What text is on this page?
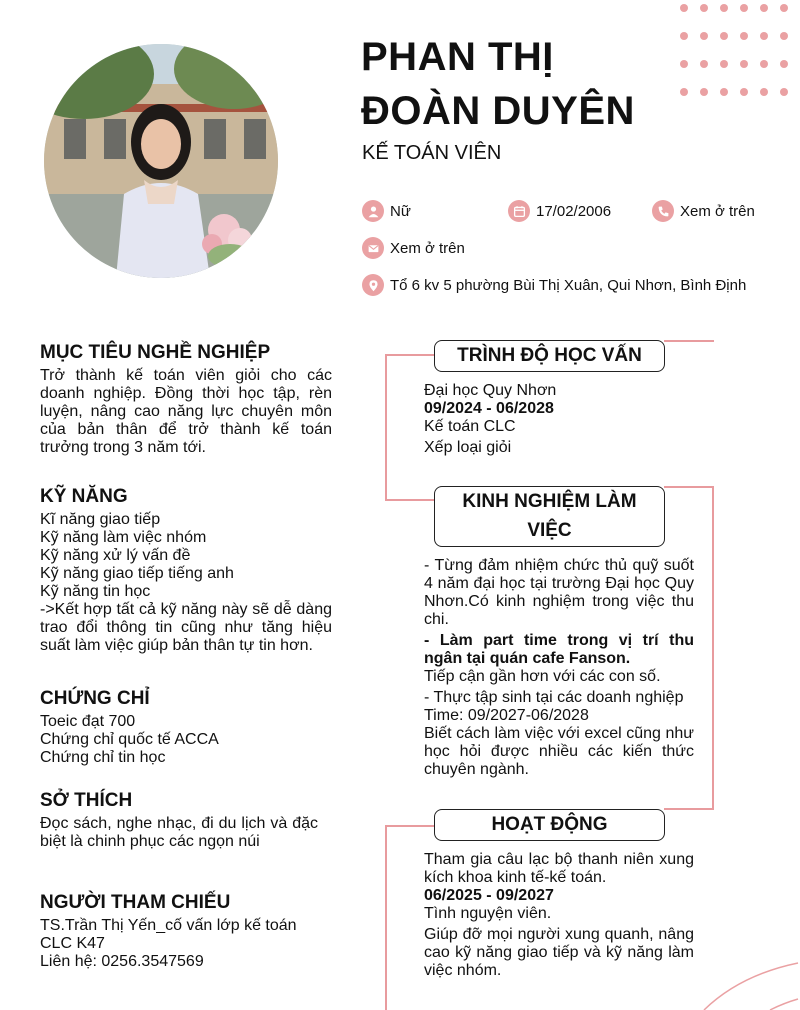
PHAN THỊ
ĐOÀN DUYÊN
KẾ TOÁN VIÊN
Nữ	17/02/2006	Xem ở trên
Xem ở trên
Tổ 6 kv 5 phường Bùi Thị Xuân, Qui Nhơn, Bình Định
MỤC TIÊU NGHỀ NGHIỆP

Trở thành kế toán viên giỏi cho các doanh nghiệp. Đồng thời học tập, rèn luyện, nâng cao năng lực chuyên môn của bản thân để trở thành kế toán trưởng trong 3 năm tới.

KỸ NĂNG
Kĩ năng giao tiếp
Kỹ năng làm việc nhóm
Kỹ năng xử lý vấn đề
Kỹ năng giao tiếp tiếng anh
Kỹ năng tin học
->Kết hợp tất cả kỹ năng này sẽ dễ dàng trao đổi thông tin cũng như tăng hiệu suất làm việc giúp bản thân tự tin hơn.
CHỨNG CHỈ
Toeic đạt 700
Chứng chỉ quốc tế ACCA
Chứng chỉ tin học
SỞ THÍCH

Đọc sách, nghe nhạc, đi du lịch và đặc biệt là chinh phục các ngọn núi

NGƯỜI THAM CHIẾU
TS.Trần Thị Yến_cố vấn lớp kế toán CLC K47
Liên hệ: 0256.3547569
TRÌNH ĐỘ HỌC VẤN
Đại học Quy Nhơn
09/2024 - 06/2028
Kế toán CLC
Xếp loại giỏi
KINH NGHIỆM LÀM
VIỆC
- Từng đảm nhiệm chức thủ quỹ suốt 4 năm đại học tại trường Đại học Quy Nhơn.Có kinh nghiệm trong việc thu chi.
- Làm part time trong vị trí thu ngân tại quán cafe Fanson.
Tiếp cận gần hơn với các con số.
- Thực tập sinh tại các doanh nghiệp
Time: 09/2027-06/2028
Biết cách làm việc với excel cũng như học hỏi được nhiều các kiến thức chuyên ngành.
HOẠT ĐỘNG
Tham gia câu lạc bộ thanh niên xung kích khoa kinh tế-kế toán.
06/2025 - 09/2027
Tình nguyện viên.
Giúp đỡ mọi người xung quanh, nâng cao kỹ năng giao tiếp và kỹ năng làm việc nhóm.
